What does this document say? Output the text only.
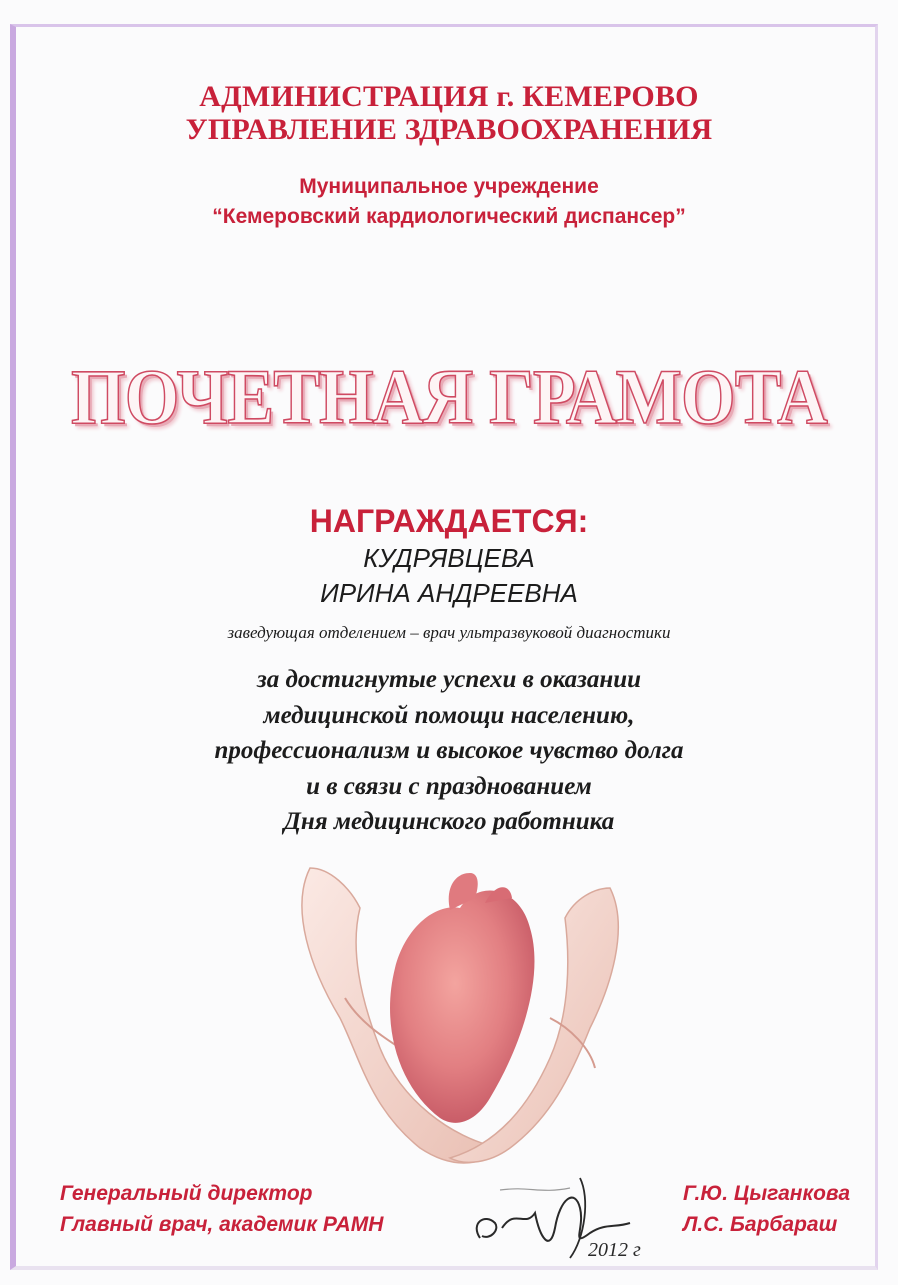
АДМИНИСТРАЦИЯ г. КЕМЕРОВО
УПРАВЛЕНИЕ ЗДРАВООХРАНЕНИЯ
Муниципальное учреждение
“Кемеровский кардиологический диспансер”
ПОЧЕТНАЯ ГРАМОТА
НАГРАЖДАЕТСЯ:
КУДРЯВЦЕВА
ИРИНА АНДРЕЕВНА
заведующая отделением – врач ультразвуковой диагностики
за достигнутые успехи в оказании
медицинской помощи населению,
профессионализм и высокое чувство долга
и в связи с празднованием
Дня медицинского работника
Генеральный директор
Главный врач, академик РАМН
2012 г
Г.Ю. Цыганкова
Л.С. Барбараш
